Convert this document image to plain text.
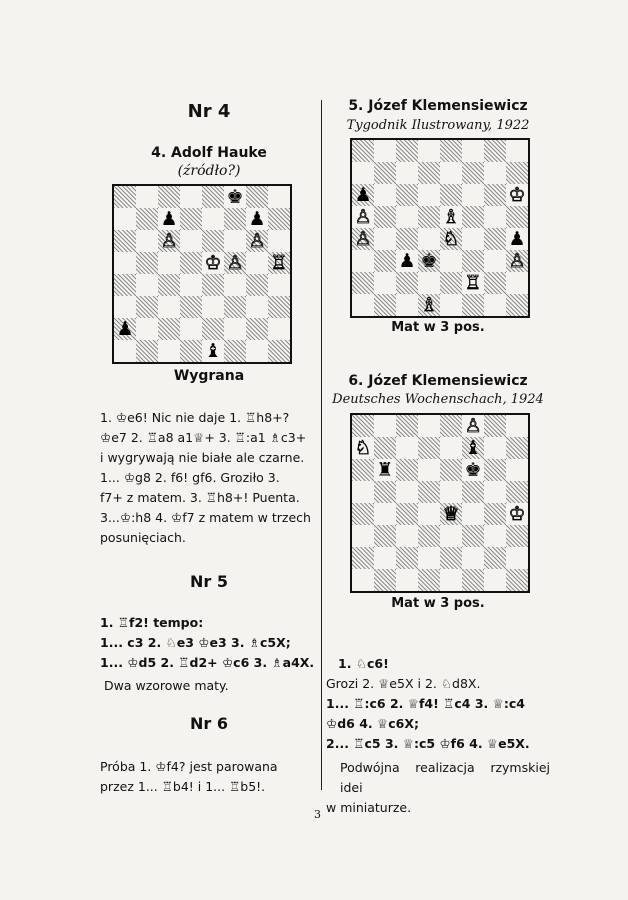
Nr 4
4. Adolf Hauke
(źródło?)
♚
♟	♟
♙	♙
♔ ♙ ♖
♟
♝
Wygrana
1. ♔e6! Nic nie daje 1. ♖h8+?
♔e7 2. ♖a8 a1♕+ 3. ♖:a1 ♗c3+
i wygrywają nie białe ale czarne.
1... ♔g8 2. f6! gf6. Groziło 3.
f7+ z matem. 3. ♖h8+! Puenta.
3...♔:h8 4. ♔f7 z matem w trzech
posunięciach.
Nr 5
1. ♖f2! tempo:
1... c3 2. ♘e3 ♔e3 3. ♗c5X;
1... ♔d5 2. ♖d2+ ♔c6 3. ♗a4X.
Dwa wzorowe maty.
Nr 6
Próba 1. ♔f4? jest parowana
przez 1... ♖b4! i 1... ♖b5!.
5. Józef Klemensiewicz
Tygodnik Ilustrowany, 1922
♟	♔
♙	♗
♙	♘	♟
♟ ♚	♙
♖
♗
Mat w 3 pos.
6. Józef Klemensiewicz
Deutsches Wochenschach, 1924
♙
♘	♝
♜	♚
♕	♔
Mat w 3 pos.
1. ♘c6!
Grozi 2. ♕e5X i 2. ♘d8X.
1... ♖:c6 2. ♕f4! ♖c4 3. ♕:c4
♔d6 4. ♕c6X;
2... ♖c5 3. ♕:c5 ♔f6 4. ♕e5X.
Podwójna realizacja rzymskiej idei
w miniaturze.
3
